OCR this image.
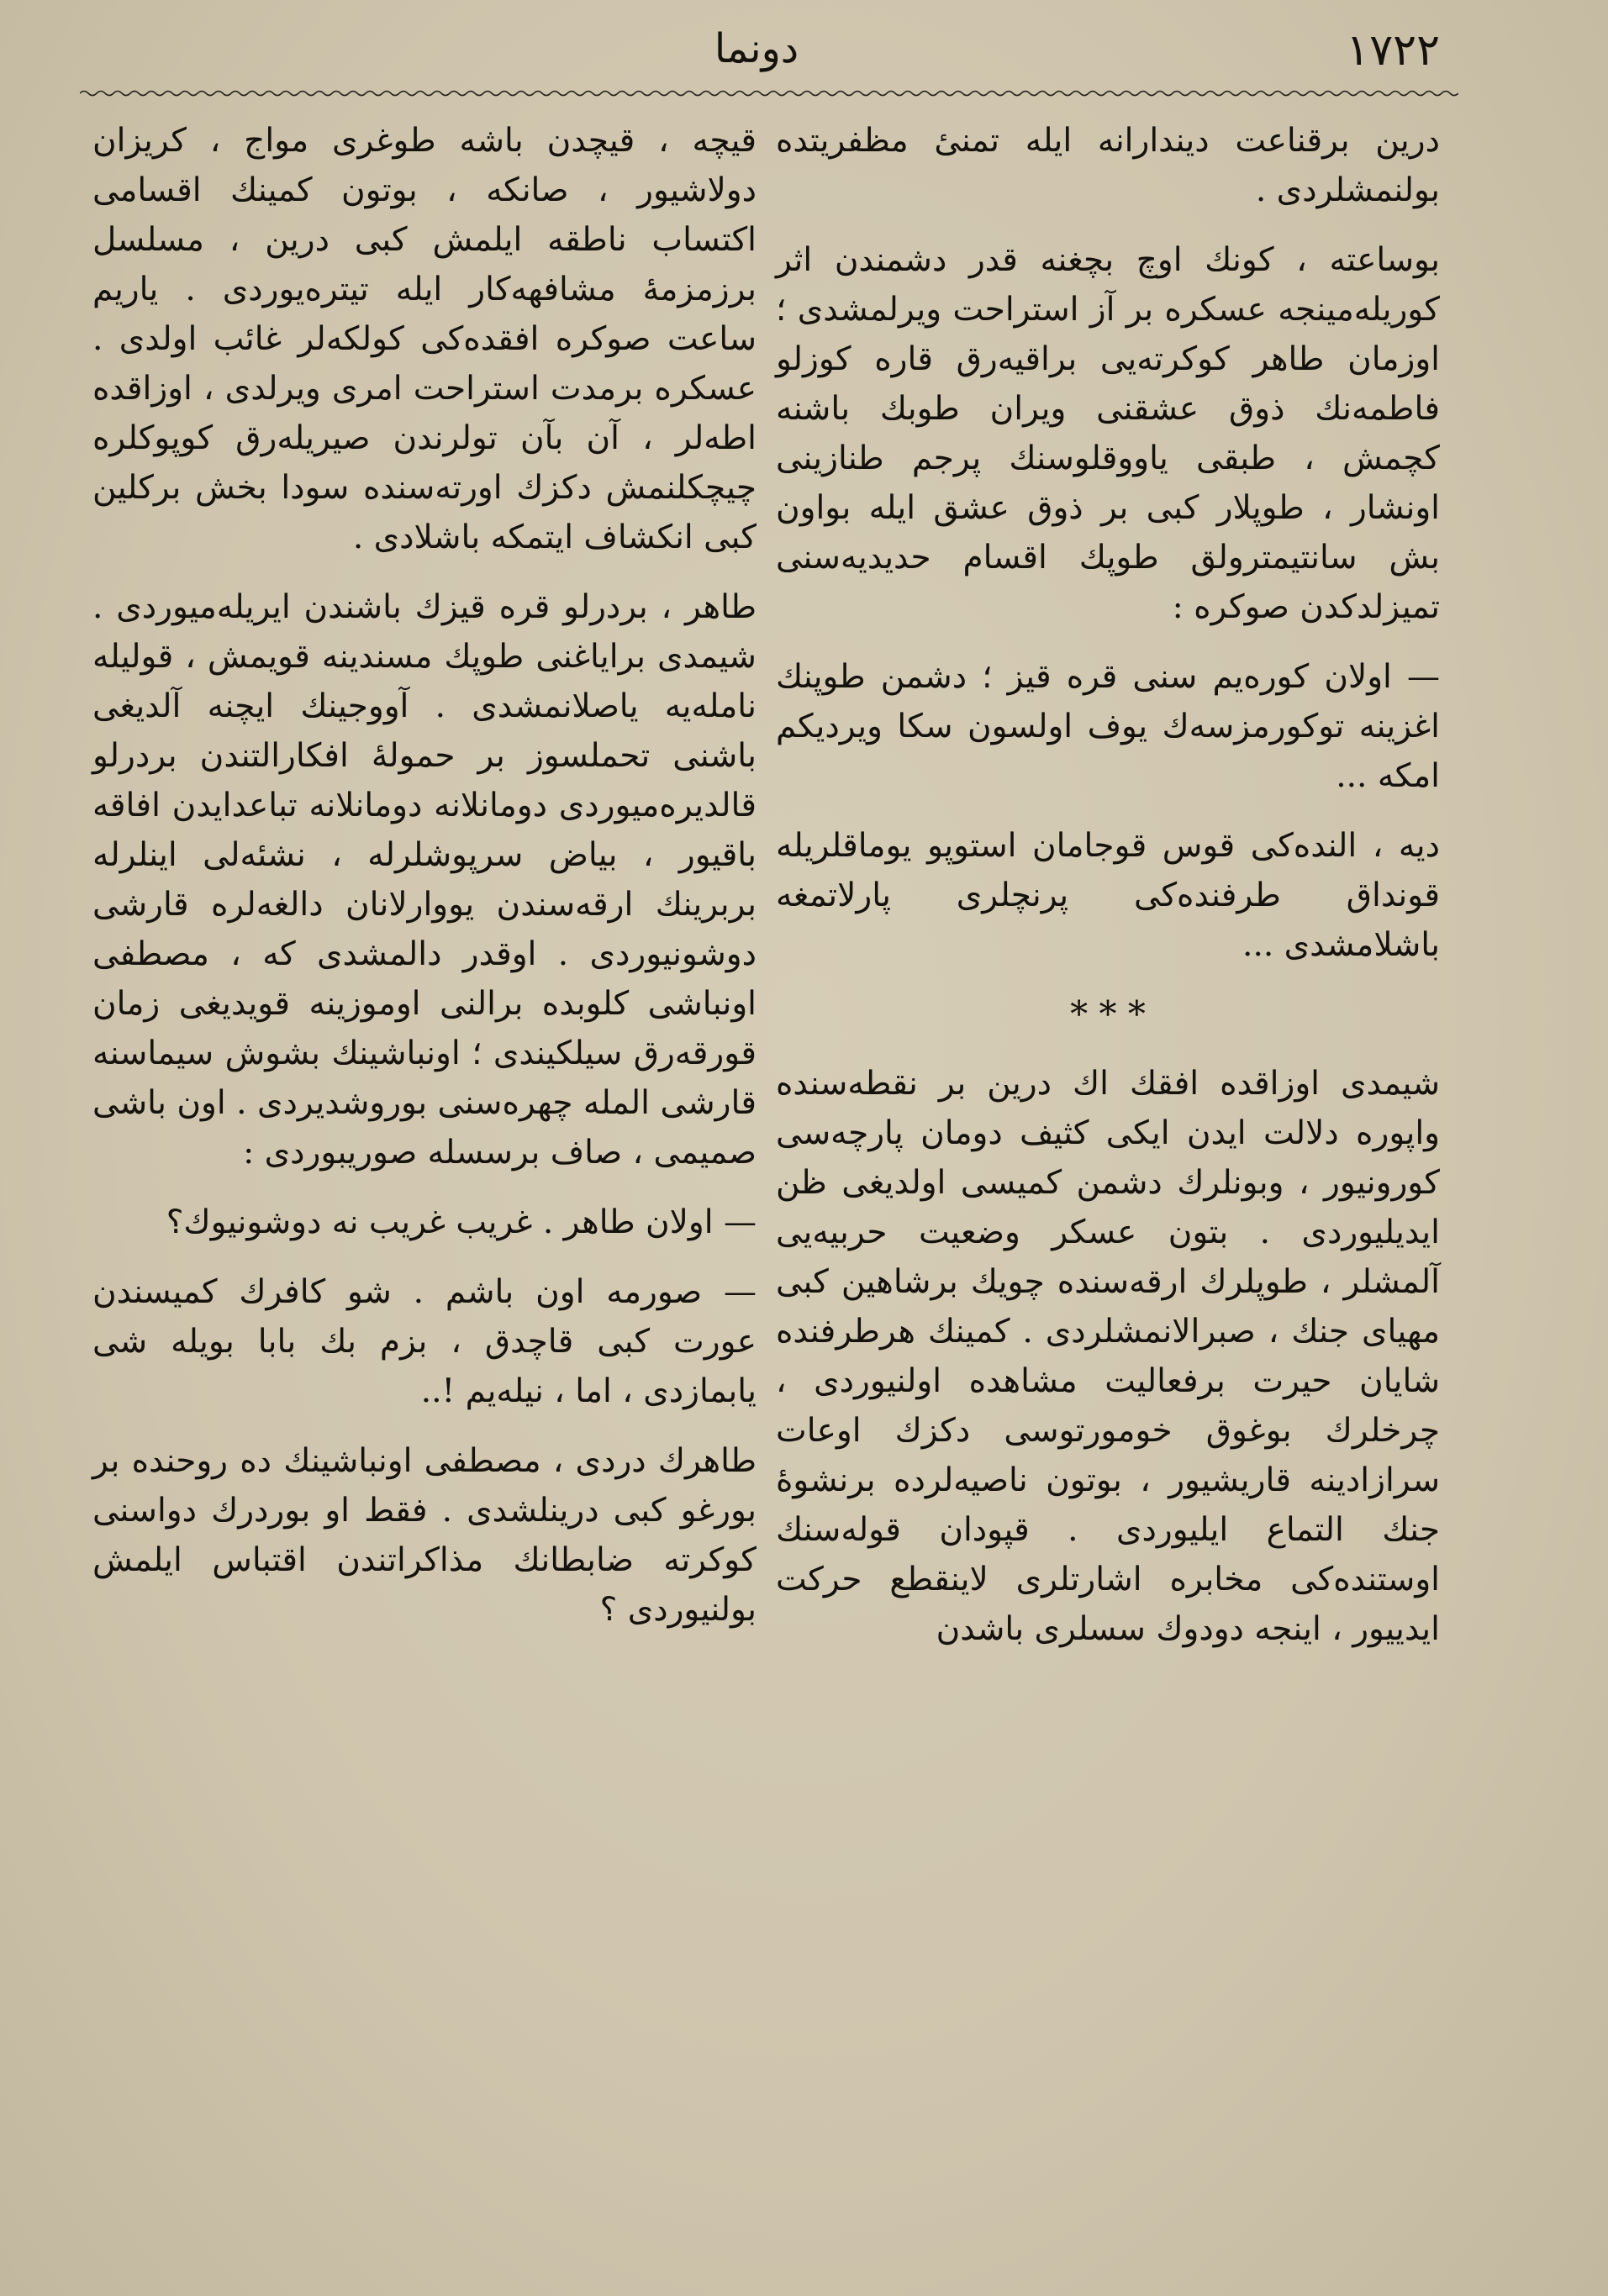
۱۷۲۲
دونما

درین برقناعت دیندارانه ایله تمنیٔ مظفریتده بولنمشلردی .

بوساعته ، کونك اوچ بچغنه قدر دشمندن اثر کوریله‌مینجه عسکره بر آز استراحت ویرلمشدی ؛ اوزمان طاهر کوکرته‌یی براقیه‌رق قاره کوزلو فاطمه‌نك ذوق عشقنی ویران طوبك باشنه کچمش ، طبقی یاووقلوسنك پرجم طنازینی اونشار ، طوپلار کبی بر ذوق عشق ایله بواون بش سانتیمترولق طوپك اقسام حدیدیه‌سنی تمیزلدکدن صوکره :

— اولان کوره‌یم سنی قره قیز ؛ دشمن طوپنك اغزینه توکورمزسه‌ك یوف اولسون سکا ویردیکم امکه ...

دیه ، الندەکی قوس قوجامان استوپو یوماقلریله قونداق طرفنده‌کی پرنچلری پارلاتمغه باشلامشدی ...

* * *

شیمدی اوزاقده افقك اك درین بر نقطه‌سنده واپوره دلالت ایدن ایکی کثیف دومان پارچه‌سی کورونیور ، وبونلرك دشمن کمیسی اولدیغی ظن ایدیلیوردی . بتون عسکر وضعیت حربیه‌یی آلمشلر ، طوپلرك ارقه‌سنده چویك برشاهین کبی مهیای جنك ، صبرالانمشلردی . کمینك هرطرفنده شایان حیرت برفعالیت مشاهده اولنیوردی ، چرخلرك بوغوق خومورتوسی دکزك اوعات سرازادینه قاریشیور ، بوتون ناصیه‌لرده برنشوهٔ جنك التماع ایلیوردی . قپودان قوله‌سنك اوستنده‌کی مخابره اشارتلری لاینقطع حرکت ایدییور ، اینجه دودوك سسلری باشدن

قیچه ، قیچدن باشه طوغری مواج ، کریزان دولاشیور ، صانکه ، بوتون کمینك اقسامی اکتساب ناطقه ایلمش کبی درین ، مسلسل برزمزمهٔ مشافهه‌کار ایله تیتره‌یوردی . یاریم ساعت صوکره افقده‌کی کولکه‌لر غائب اولدی . عسکره برمدت استراحت امری ویرلدی ، اوزاقده اطه‌لر ، آن بآن تولرندن صیریله‌رق کوپوکلره چیچکلنمش دکزك اورته‌سنده سودا بخش برکلین کبی انکشاف ایتمکه باشلادی .

طاهر ، بردرلو قره قیزك باشندن ایریله‌میوردی . شیمدی برایاغنی طوپك مسندینه قویمش ، قولیله نامله‌یه یاصلانمشدی . آووجینك ایچنه آلدیغی باشنی تحملسوز بر حمولهٔ افکارالتندن بردرلو قالدیره‌میوردی دومانلانه دومانلانه تباعدایدن افاقه باقیور ، بیاض سرپوشلرله ، نشئه‌لی اینلرله بربرینك ارقه‌سندن یووارلانان دالغه‌لره قارشی دوشونیوردی . اوقدر دالمشدی که ، مصطفی اونباشی کلوبده برالنی اوموزینه قویدیغی زمان قورقه‌رق سیلکیندی ؛ اونباشینك بشوش سیماسنه قارشی الملە چهره‌سنی بوروشدیردی . اون باشی صمیمی ، صاف برسسله صوریبوردی :

— اولان طاهر . غریب غریب نه دوشونیوك؟

— صورمه اون باشم . شو کافرك کمیسندن عورت کبی قاچدق ، بزم بك بابا بویله شی یابمازدی ، اما ، نیلەیم !..

طاهرك دردی ، مصطفی اونباشینك ده روحنده بر بورغو کبی درینلشدی . فقط او بوردرك دواسنی کوکرته ضابطانك مذاکراتندن اقتباس ایلمش بولنیوردی ؟
